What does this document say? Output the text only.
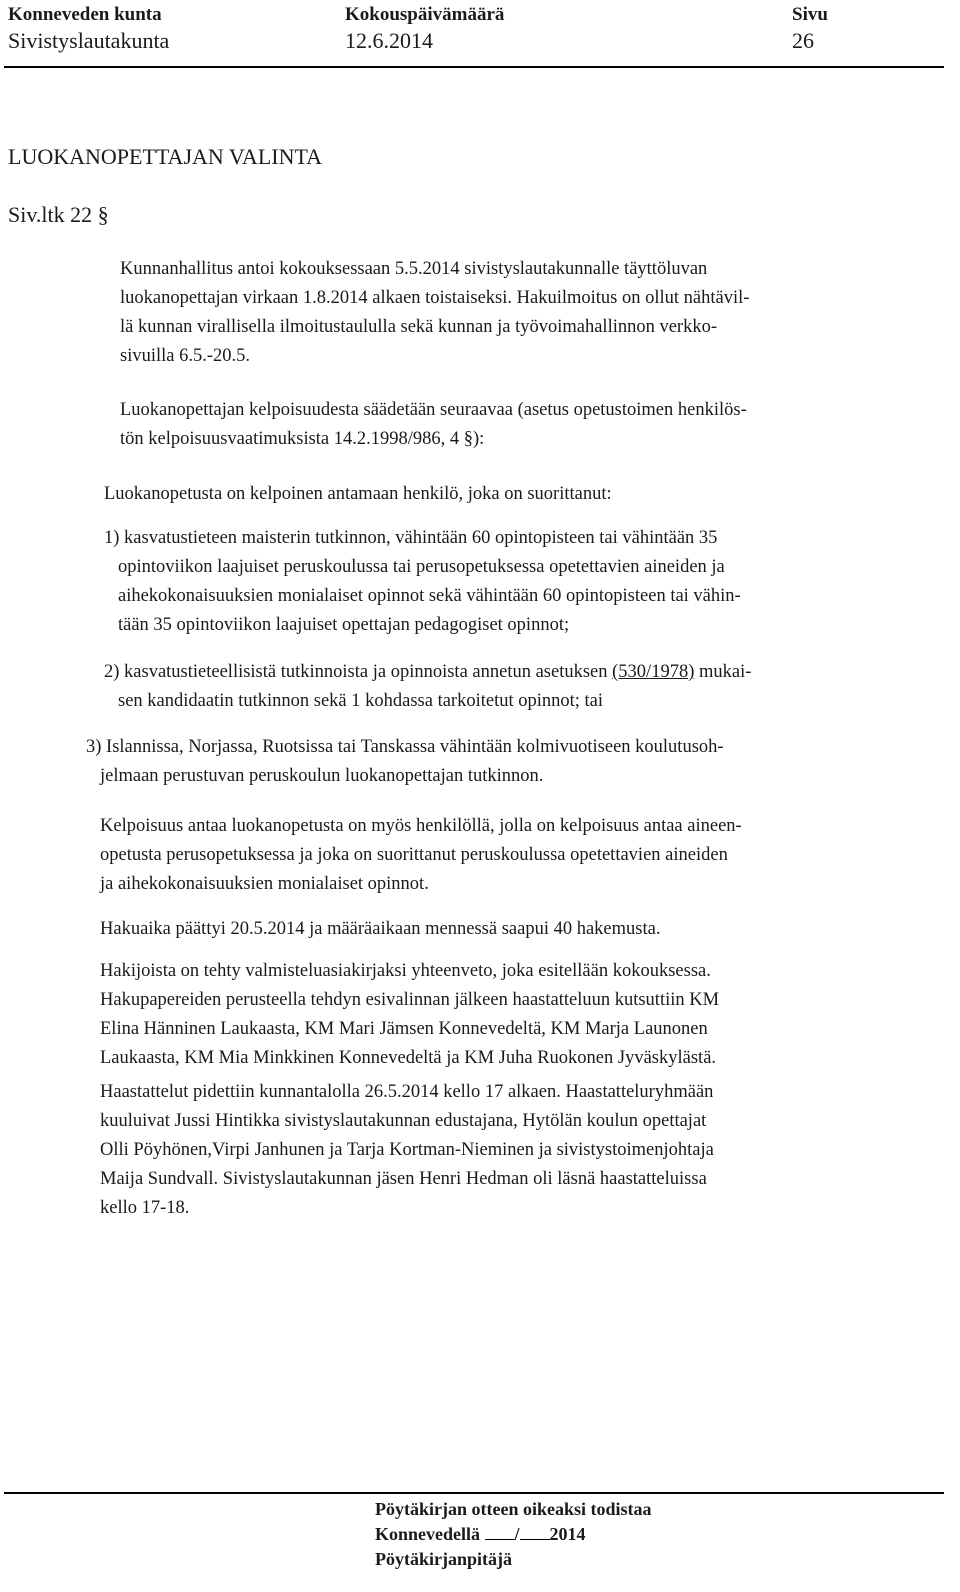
Konneveden kunta
Sivistyslautakunta
Kokouspäivämäärä
12.6.2014
Sivu
26
LUOKANOPETTAJAN VALINTA
Siv.ltk 22 §
Kunnanhallitus antoi kokouksessaan 5.5.2014 sivistyslautakunnalle täyttöluvan
luokanopettajan virkaan 1.8.2014 alkaen toistaiseksi. Hakuilmoitus on ollut nähtävil-
lä kunnan virallisella ilmoitustaululla sekä kunnan ja työvoimahallinnon verkko-
sivuilla 6.5.-20.5.
Luokanopettajan kelpoisuudesta säädetään seuraavaa (asetus opetustoimen henkilös-
tön kelpoisuusvaatimuksista 14.2.1998/986, 4 §):
Luokanopetusta on kelpoinen antamaan henkilö, joka on suorittanut:
1) kasvatustieteen maisterin tutkinnon, vähintään 60 opintopisteen tai vähintään 35
opintoviikon laajuiset peruskoulussa tai perusopetuksessa opetettavien aineiden ja
aihekokonaisuuksien monialaiset opinnot sekä vähintään 60 opintopisteen tai vähin-
tään 35 opintoviikon laajuiset opettajan pedagogiset opinnot;
2) kasvatustieteellisistä tutkinnoista ja opinnoista annetun asetuksen (530/1978) mukai-
sen kandidaatin tutkinnon sekä 1 kohdassa tarkoitetut opinnot; tai
3) Islannissa, Norjassa, Ruotsissa tai Tanskassa vähintään kolmivuotiseen koulutusoh-
jelmaan perustuvan peruskoulun luokanopettajan tutkinnon.
Kelpoisuus antaa luokanopetusta on myös henkilöllä, jolla on kelpoisuus antaa aineen-
opetusta perusopetuksessa ja joka on suorittanut peruskoulussa opetettavien aineiden
ja aihekokonaisuuksien monialaiset opinnot.
Hakuaika päättyi 20.5.2014 ja määräaikaan mennessä saapui 40 hakemusta.
Hakijoista on tehty valmisteluasiakirjaksi yhteenveto, joka esitellään kokouksessa.
Hakupapereiden perusteella tehdyn esivalinnan jälkeen haastatteluun kutsuttiin KM
Elina Hänninen Laukaasta, KM Mari Jämsen Konnevedeltä, KM Marja Launonen
Laukaasta, KM Mia Minkkinen Konnevedeltä ja KM Juha Ruokonen Jyväskylästä.
Haastattelut pidettiin kunnantalolla 26.5.2014 kello 17 alkaen. Haastatteluryhmään
kuuluivat Jussi Hintikka sivistyslautakunnan edustajana, Hytölän koulun opettajat
Olli Pöyhönen,Virpi Janhunen ja Tarja Kortman-Nieminen ja sivistystoimenjohtaja
Maija Sundvall. Sivistyslautakunnan jäsen Henri Hedman oli läsnä haastatteluissa
kello 17-18.
Pöytäkirjan otteen oikeaksi todistaa
Konnevedellä / 2014
Pöytäkirjanpitäjä
